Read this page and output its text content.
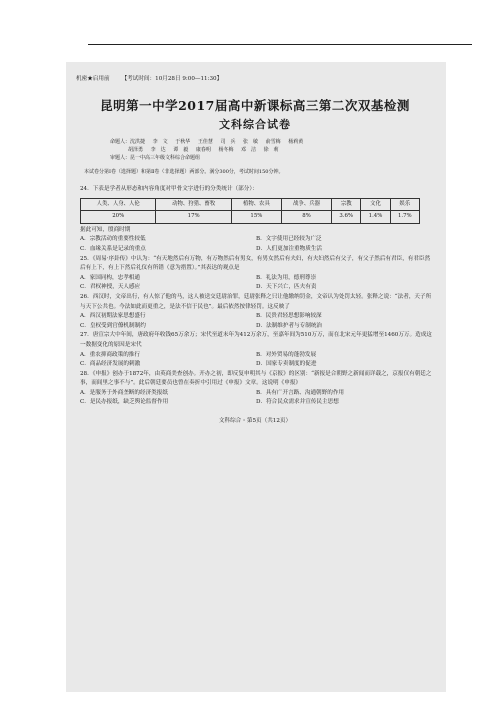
机密★启用前 【考试时间：10月28日 9:00—11:30】
昆明第一中学2017届高中新课标高三第二次双基检测
文科综合试卷
命题人：沈洪捷 李　文 于秋华 王佳慧 司　兵 张　敏 俞雪梅 杨莉黄
胡泽勇 李　达 谭　毅 康春明 杨冬梅 邓　洁 徐　莉
审题人：昆一中高三年级文科综合命题组
本试卷分第Ⅰ卷（选择题）和第Ⅱ卷（非选择题）两部分。满分300分，考试时间150分钟。
24．下表是学者从形态和内容角度对甲骨文字进行的分类统计（部分）：
人类、人身、人伦	动物、狩猎、畜牧	植物、农具	战争、兵器	宗教	文化	娱乐
20%	17%	15%	8%	3.6%	1.4%	1.7%
据此可知，殷商时期
A．宗教活动的重要性较低	B．文字使用已经较为广泛
C．血缘关系是记录的重点	D．人们更加注重物质生活
25．《周易·序卦传》中认为：“有天地然后有万物，有万物然后有男女，有男女然后有夫妇，有夫妇然后有父子，有父子然后有君臣，有君臣然后有上下，有上下然后礼仪有所错（意为措置）。”其表达的观点是
A．家国同构，忠孝相通	B．礼法为用，德刑尊崇
C．君权神授，天人感应	D．天下兴亡，匹夫有责
26．西汉时，文帝出行，有人惊了他的马，这人被送交廷尉治罪，廷尉张释之只让他缴纳罚金，文帝认为处罚太轻。张释之说：“法者，天子所与天下公共也。今法如此而更重之，是法不信于民也”。最后依然按律轻罚。这反映了
A．西汉初期法家思想盛行	B．民贵君轻思想影响较深
C．皇权受到官僚机制制约	D．法制维护者与专制统治
27．唐宣宗大中年间，唐政府年收钱65万余万；宋代至道末年为412万余万，至嘉年间为510万万，而在北宋元年更猛增至1460万万。造成这一数据变化的原因是宋代
A．重农抑商政策的推行	B．对外贸易的蓬勃发展
C．商品经济发展的刺激	D．国家专卖制度的促进
28．《申报》创办于1872年，由英商美查创办。开办之初，即反复申明其与《京报》的区别：“新报是合朝野之新闻而详载之，京报仅有朝廷之事，而闾里之事不与”。此后朝廷要员也曾在奏折中引用过《申报》文章。这说明《申报》
A．是服务于外商垄断的经济类报纸	B．具有广开言路、沟通朝野的作用
C．是民办报纸，缺乏舆论监督作用	D．符合民众需求并宣传民主思想
文科综合・第5页（共12页）
